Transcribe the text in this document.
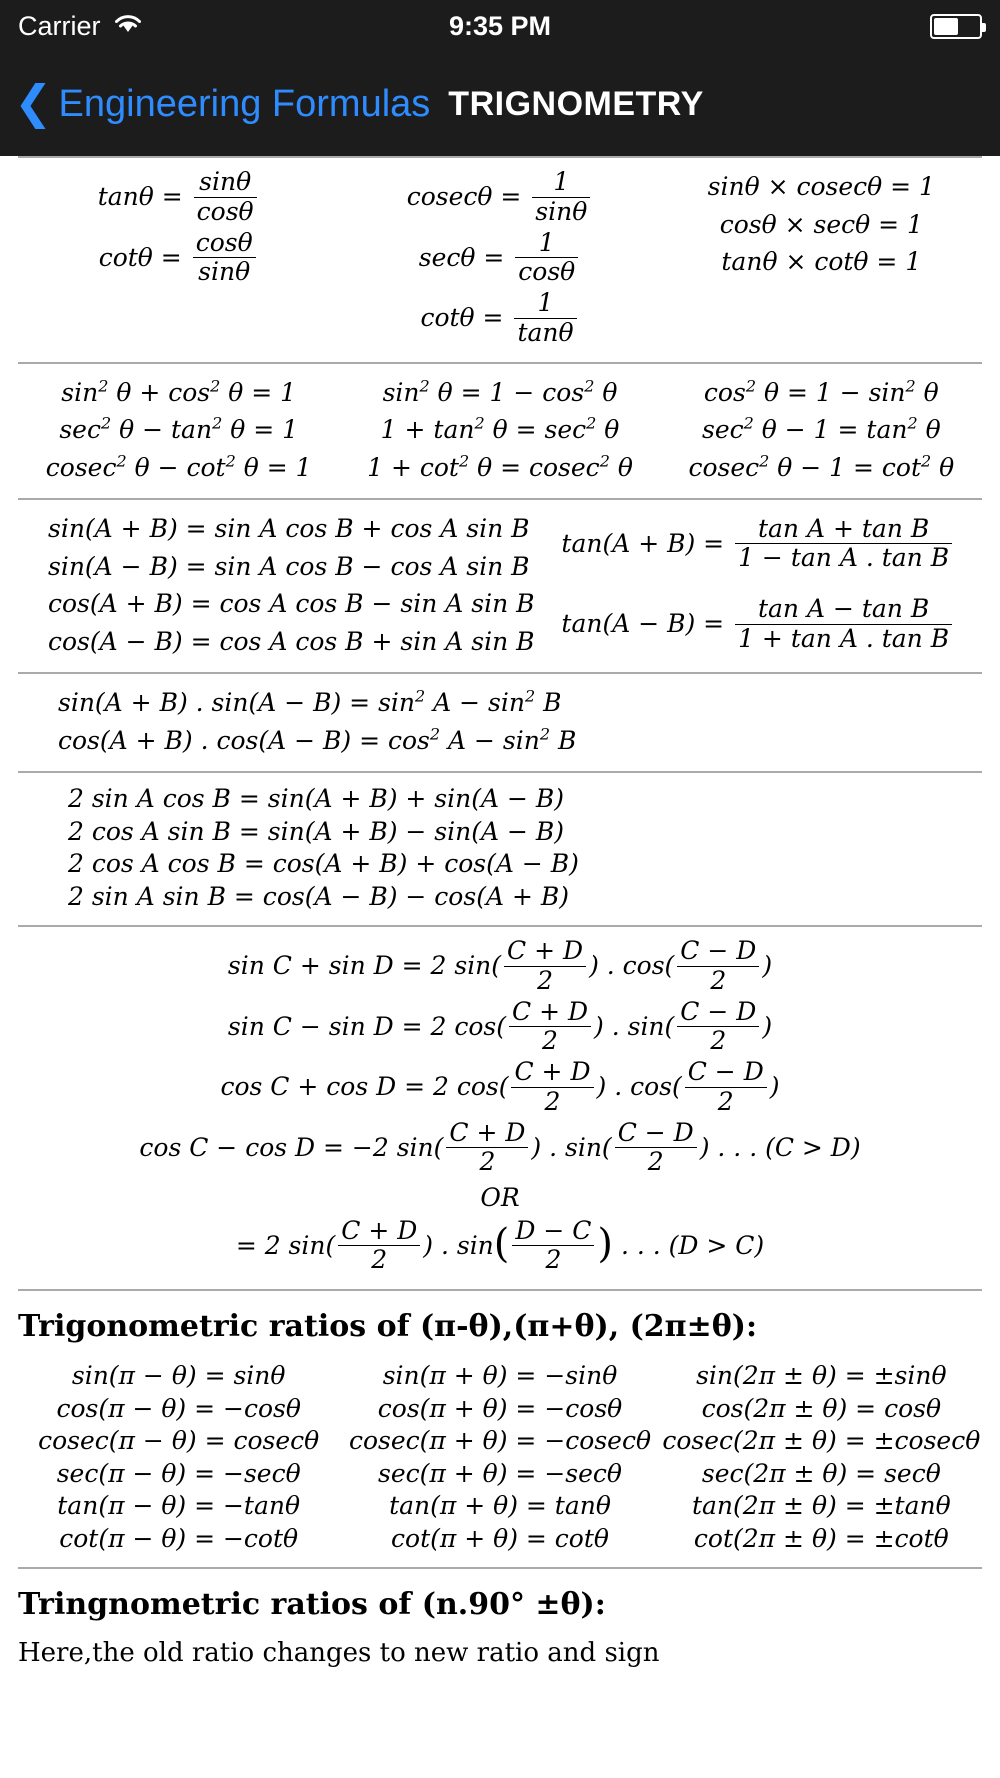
Carrier	9:35 PM
❮ Engineering Formulas TRIGNOMETRY
$\tan\theta = \frac{\sin\theta}{\cos\theta}$
$\cot\theta = \frac{\cos\theta}{\sin\theta}$
$cosec\theta = \frac{1}{\sin\theta}$
$\sec\theta = \frac{1}{\cos\theta}$
$\cot\theta = \frac{1}{\tan\theta}$
sinθ × cosecθ = 1
cosθ × secθ = 1
tanθ × cotθ = 1
$\sin^2 \theta + \cos^2 \theta = 1$
$\sec^2 \theta - \tan^2 \theta = 1$
cosec$^2$ $\theta - \cot^2 \theta = 1$
$\sin^2 \theta = 1 - \cos^2 \theta$
$1 + \tan^2 \theta = \sec^2 \theta$
$1 + \cot^2 \theta = cosec^2$ θ
$\cos^2 \theta = 1 - \sin^2 \theta$
$\sec^2 \theta - 1 = \tan^2 \theta$
cosec$^2$ $\theta - 1 = \cot^2 \theta$
sin(A + B) = sin A cos B + cos A sin B
sin(A − B) = sin A cos B − cos A sin B
cos(A + B) = cos A cos B − sin A sin B
cos(A − B) = cos A cos B + sin A sin B
$\tan(A + B) = \frac{\text{tan A + tan B}}{\text{1 − tan A . tan B}}$
$\tan(A - B) = \frac{\text{tan A − tan B}}{\text{1 + tan A . tan B}}$
sin(A + B) . $\sin(A - B) = \sin^2 A - \sin^2 B$
cos(A + B) . $\cos(A - B) = \cos^2 A - \sin^2 B$
2 sin A cos B = sin(A + B) + sin(A − B)
2 cos A sin B = sin(A + B) − sin(A − B)
2 cos A cos B = cos(A + B) + cos(A − B)
2 sin A sin B = cos(A − B) − cos(A + B)
sin C + sin D = 2 $\sin( \frac{C + D}{2}$ ) . $\cos( \frac{C - D}{2}$ )
sin C − sin D = 2 $\cos( \frac{C + D}{2}$ ) . $\sin( \frac{C - D}{2}$ )
cos C + cos D = 2 $\cos( \frac{C + D}{2}$ ) . $\cos( \frac{C - D}{2}$ )
cos C − cos D = −2 $\sin( \frac{C + D}{2}$ ) . $\sin( \frac{C - D}{2}$ ) . . . (C > D)
OR
= 2 $\sin( \frac{C + D}{2}$ ) . $\sin( \frac{D - C}{2}$ ) . . . (D > C)
Trigonometric ratios of (π-θ),(π+θ), (2π±θ):
sin(π − θ) = sinθ
cos(π − θ) = −cosθ
cosec(π − θ) = cosecθ
sec(π − θ) = −secθ
tan(π − θ) = −tanθ
cot(π − θ) = −cotθ
sin(π + θ) = −sinθ
cos(π + θ) = −cosθ
cosec(π + θ) = −cosecθ
sec(π + θ) = −secθ
tan(π + θ) = tanθ
cot(π + θ) = cotθ
sin(2π ± θ) = ±sinθ
cos(2π ± θ) = cosθ
cosec(2π ± θ) = ±cosecθ
sec(2π ± θ) = secθ
tan(2π ± θ) = ±tanθ
cot(2π ± θ) = ±cotθ
Tringnometric ratios of (n.90° ±θ):
Here,the old ratio changes to new ratio and sign
